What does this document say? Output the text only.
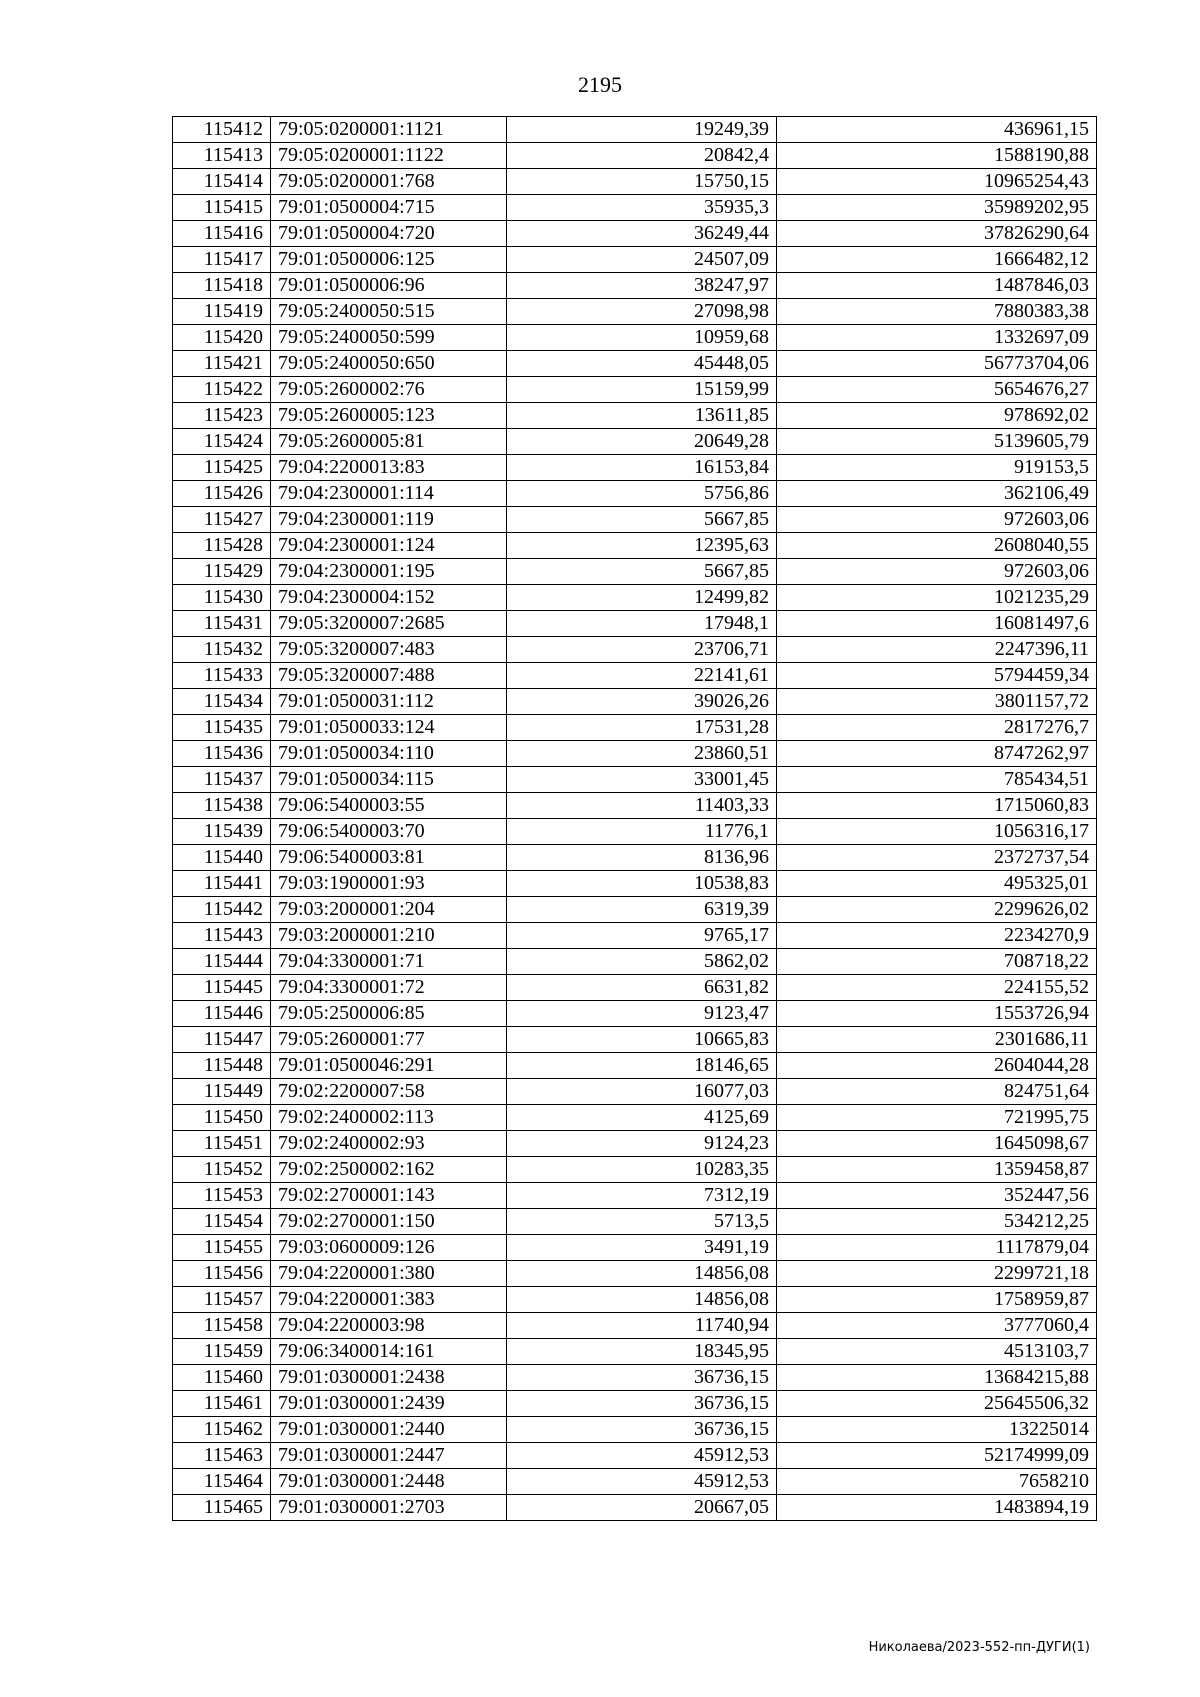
2195
115412	79:05:0200001:1121	19249,39	436961,15
115413	79:05:0200001:1122	20842,4	1588190,88
115414	79:05:0200001:768	15750,15	10965254,43
115415	79:01:0500004:715	35935,3	35989202,95
115416	79:01:0500004:720	36249,44	37826290,64
115417	79:01:0500006:125	24507,09	1666482,12
115418	79:01:0500006:96	38247,97	1487846,03
115419	79:05:2400050:515	27098,98	7880383,38
115420	79:05:2400050:599	10959,68	1332697,09
115421	79:05:2400050:650	45448,05	56773704,06
115422	79:05:2600002:76	15159,99	5654676,27
115423	79:05:2600005:123	13611,85	978692,02
115424	79:05:2600005:81	20649,28	5139605,79
115425	79:04:2200013:83	16153,84	919153,5
115426	79:04:2300001:114	5756,86	362106,49
115427	79:04:2300001:119	5667,85	972603,06
115428	79:04:2300001:124	12395,63	2608040,55
115429	79:04:2300001:195	5667,85	972603,06
115430	79:04:2300004:152	12499,82	1021235,29
115431	79:05:3200007:2685	17948,1	16081497,6
115432	79:05:3200007:483	23706,71	2247396,11
115433	79:05:3200007:488	22141,61	5794459,34
115434	79:01:0500031:112	39026,26	3801157,72
115435	79:01:0500033:124	17531,28	2817276,7
115436	79:01:0500034:110	23860,51	8747262,97
115437	79:01:0500034:115	33001,45	785434,51
115438	79:06:5400003:55	11403,33	1715060,83
115439	79:06:5400003:70	11776,1	1056316,17
115440	79:06:5400003:81	8136,96	2372737,54
115441	79:03:1900001:93	10538,83	495325,01
115442	79:03:2000001:204	6319,39	2299626,02
115443	79:03:2000001:210	9765,17	2234270,9
115444	79:04:3300001:71	5862,02	708718,22
115445	79:04:3300001:72	6631,82	224155,52
115446	79:05:2500006:85	9123,47	1553726,94
115447	79:05:2600001:77	10665,83	2301686,11
115448	79:01:0500046:291	18146,65	2604044,28
115449	79:02:2200007:58	16077,03	824751,64
115450	79:02:2400002:113	4125,69	721995,75
115451	79:02:2400002:93	9124,23	1645098,67
115452	79:02:2500002:162	10283,35	1359458,87
115453	79:02:2700001:143	7312,19	352447,56
115454	79:02:2700001:150	5713,5	534212,25
115455	79:03:0600009:126	3491,19	1117879,04
115456	79:04:2200001:380	14856,08	2299721,18
115457	79:04:2200001:383	14856,08	1758959,87
115458	79:04:2200003:98	11740,94	3777060,4
115459	79:06:3400014:161	18345,95	4513103,7
115460	79:01:0300001:2438	36736,15	13684215,88
115461	79:01:0300001:2439	36736,15	25645506,32
115462	79:01:0300001:2440	36736,15	13225014
115463	79:01:0300001:2447	45912,53	52174999,09
115464	79:01:0300001:2448	45912,53	7658210
115465	79:01:0300001:2703	20667,05	1483894,19
Николаева/2023-552-пп-ДУГИ(1)
